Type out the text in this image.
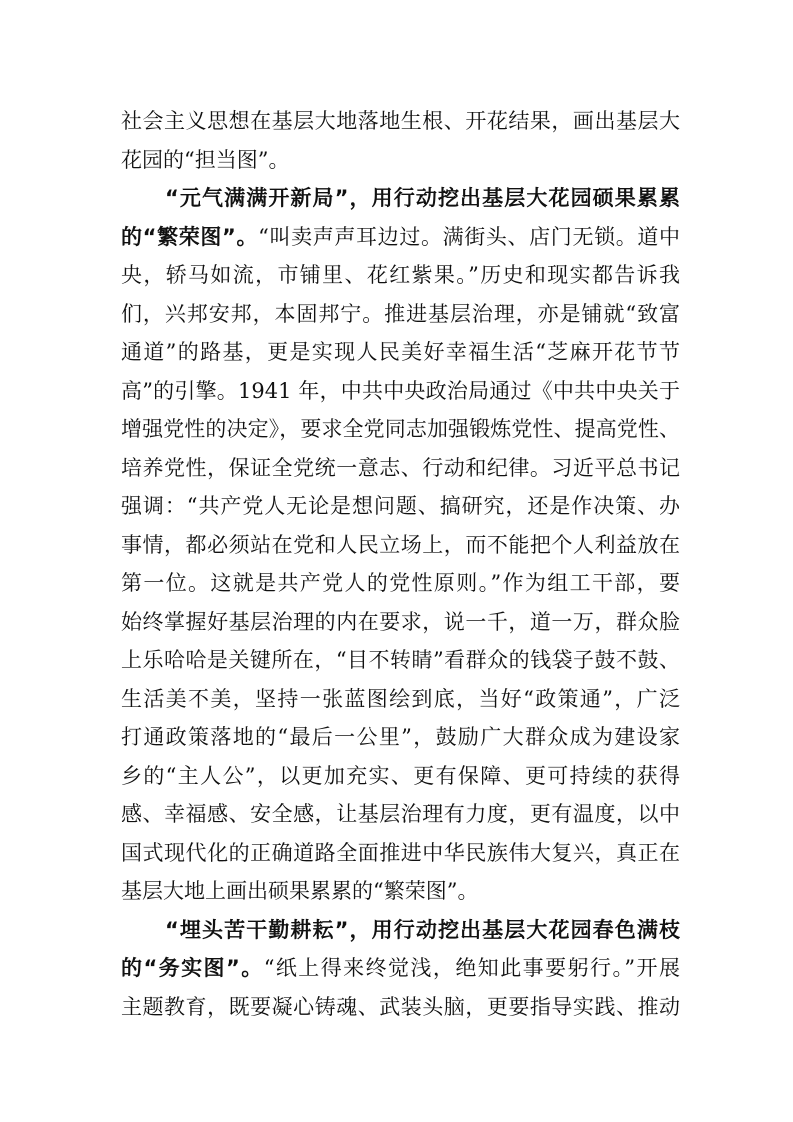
社会主义思想在基层大地落地生根、开花结果，画出基层大
花园的“担当图”。
“元气满满开新局”，用行动挖出基层大花园硕果累累
的“繁荣图”。“叫卖声声耳边过。满街头、店门无锁。道中
央，轿马如流，市铺里、花红紫果。”历史和现实都告诉我
们，兴邦安邦，本固邦宁。推进基层治理，亦是铺就“致富
通道”的路基，更是实现人民美好幸福生活“芝麻开花节节
高”的引擎。1941 年，中共中央政治局通过《中共中央关于
增强党性的决定》，要求全党同志加强锻炼党性、提高党性、
培养党性，保证全党统一意志、行动和纪律。习近平总书记
强调：“共产党人无论是想问题、搞研究，还是作决策、办
事情，都必须站在党和人民立场上，而不能把个人利益放在
第一位。这就是共产党人的党性原则。”作为组工干部，要
始终掌握好基层治理的内在要求，说一千，道一万，群众脸
上乐哈哈是关键所在，“目不转睛”看群众的钱袋子鼓不鼓、
生活美不美，坚持一张蓝图绘到底，当好“政策通”，广泛
打通政策落地的“最后一公里”，鼓励广大群众成为建设家
乡的“主人公”，以更加充实、更有保障、更可持续的获得
感、幸福感、安全感，让基层治理有力度，更有温度，以中
国式现代化的正确道路全面推进中华民族伟大复兴，真正在
基层大地上画出硕果累累的“繁荣图”。
“埋头苦干勤耕耘”，用行动挖出基层大花园春色满枝
的“务实图”。“纸上得来终觉浅，绝知此事要躬行。”开展
主题教育，既要凝心铸魂、武装头脑，更要指导实践、推动
